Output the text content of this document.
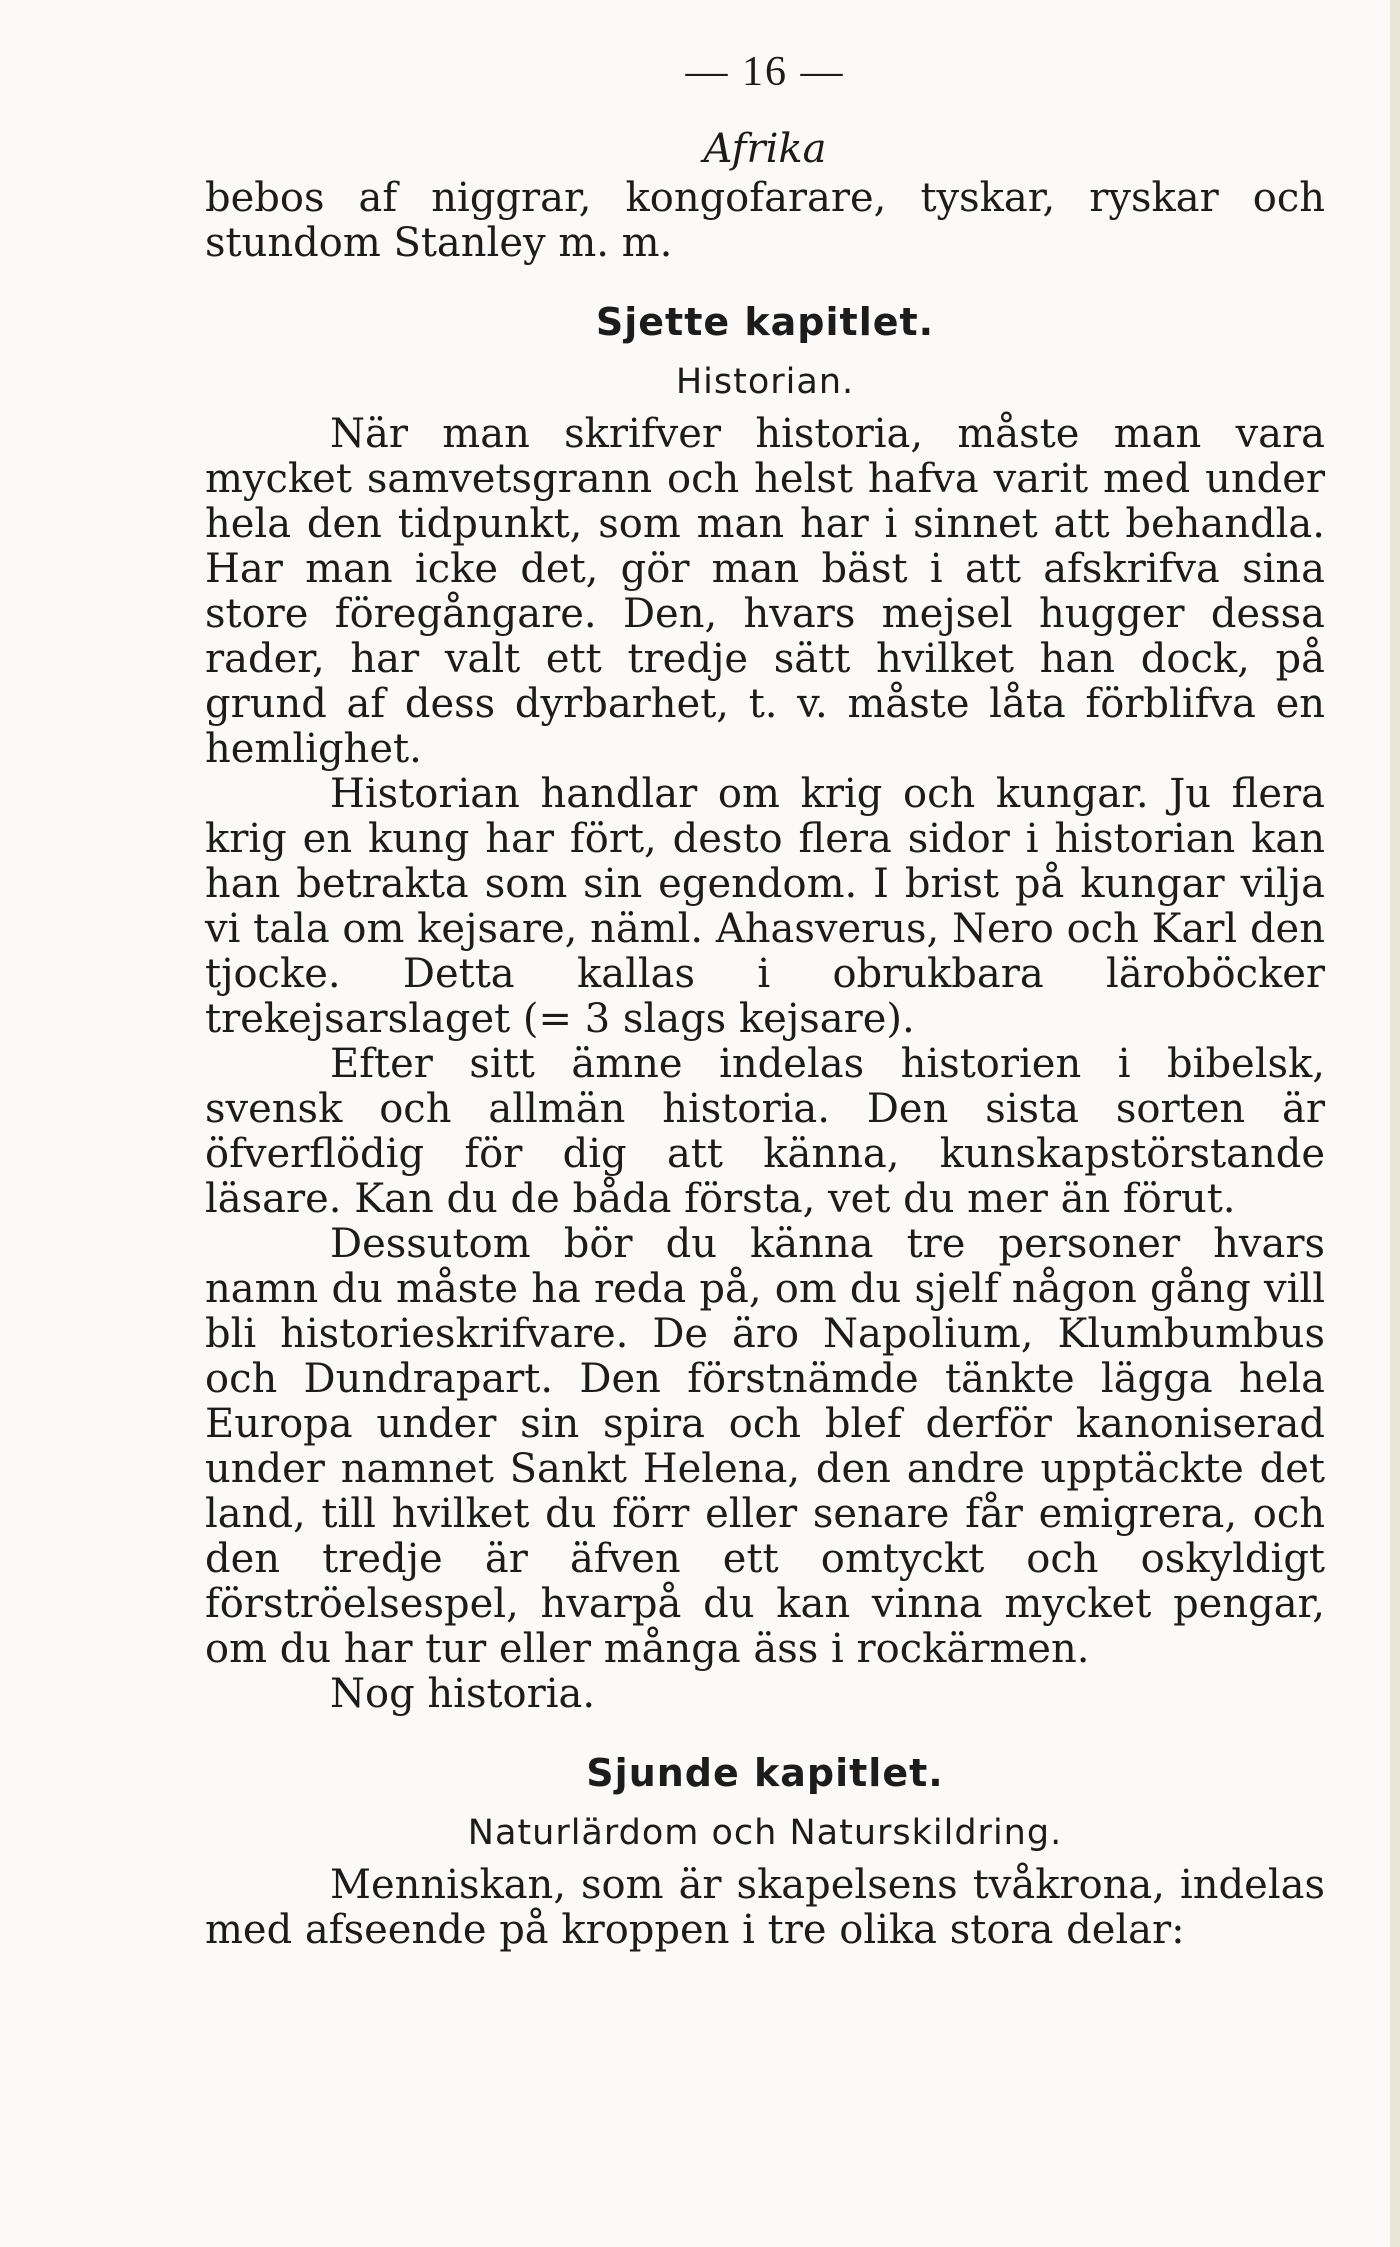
— 16 —
Afrika

bebos af niggrar, kongofarare, tyskar, ryskar och stundom Stanley m. m.

Sjette kapitlet.
Historian.

När man skrifver historia, måste man vara mycket samvetsgrann och helst hafva varit med under hela den tidpunkt, som man har i sinnet att behandla. Har man icke det, gör man bäst i att afskrifva sina store föregångare. Den, hvars mejsel hugger dessa rader, har valt ett tredje sätt hvilket han dock, på grund af dess dyrbarhet, t. v. måste låta förblifva en hemlighet.

Historian handlar om krig och kungar. Ju flera krig en kung har fört, desto flera sidor i historian kan han betrakta som sin egendom. I brist på kungar vilja vi tala om kejsare, näml. Ahasverus, Nero och Karl den tjocke. Detta kallas i obrukbara läroböcker trekejsarslaget (= 3 slags kejsare).

Efter sitt ämne indelas historien i bibelsk, svensk och allmän historia. Den sista sorten är öfverflödig för dig att känna, kunskapstörstande läsare. Kan du de båda första, vet du mer än förut.

Dessutom bör du känna tre personer hvars namn du måste ha reda på, om du sjelf någon gång vill bli historieskrifvare. De äro Napolium, Klumbumbus och Dundrapart. Den förstnämde tänkte lägga hela Europa under sin spira och blef derför kanoniserad under namnet Sankt Helena, den andre upptäckte det land, till hvilket du förr eller senare får emigrera, och den tredje är äfven ett omtyckt och oskyldigt förströelsespel, hvarpå du kan vinna mycket pengar, om du har tur eller många äss i rockärmen.

Nog historia.

Sjunde kapitlet.
Naturlärdom och Naturskildring.

Menniskan, som är skapelsens tvåkrona, indelas med afseende på kroppen i tre olika stora delar:
